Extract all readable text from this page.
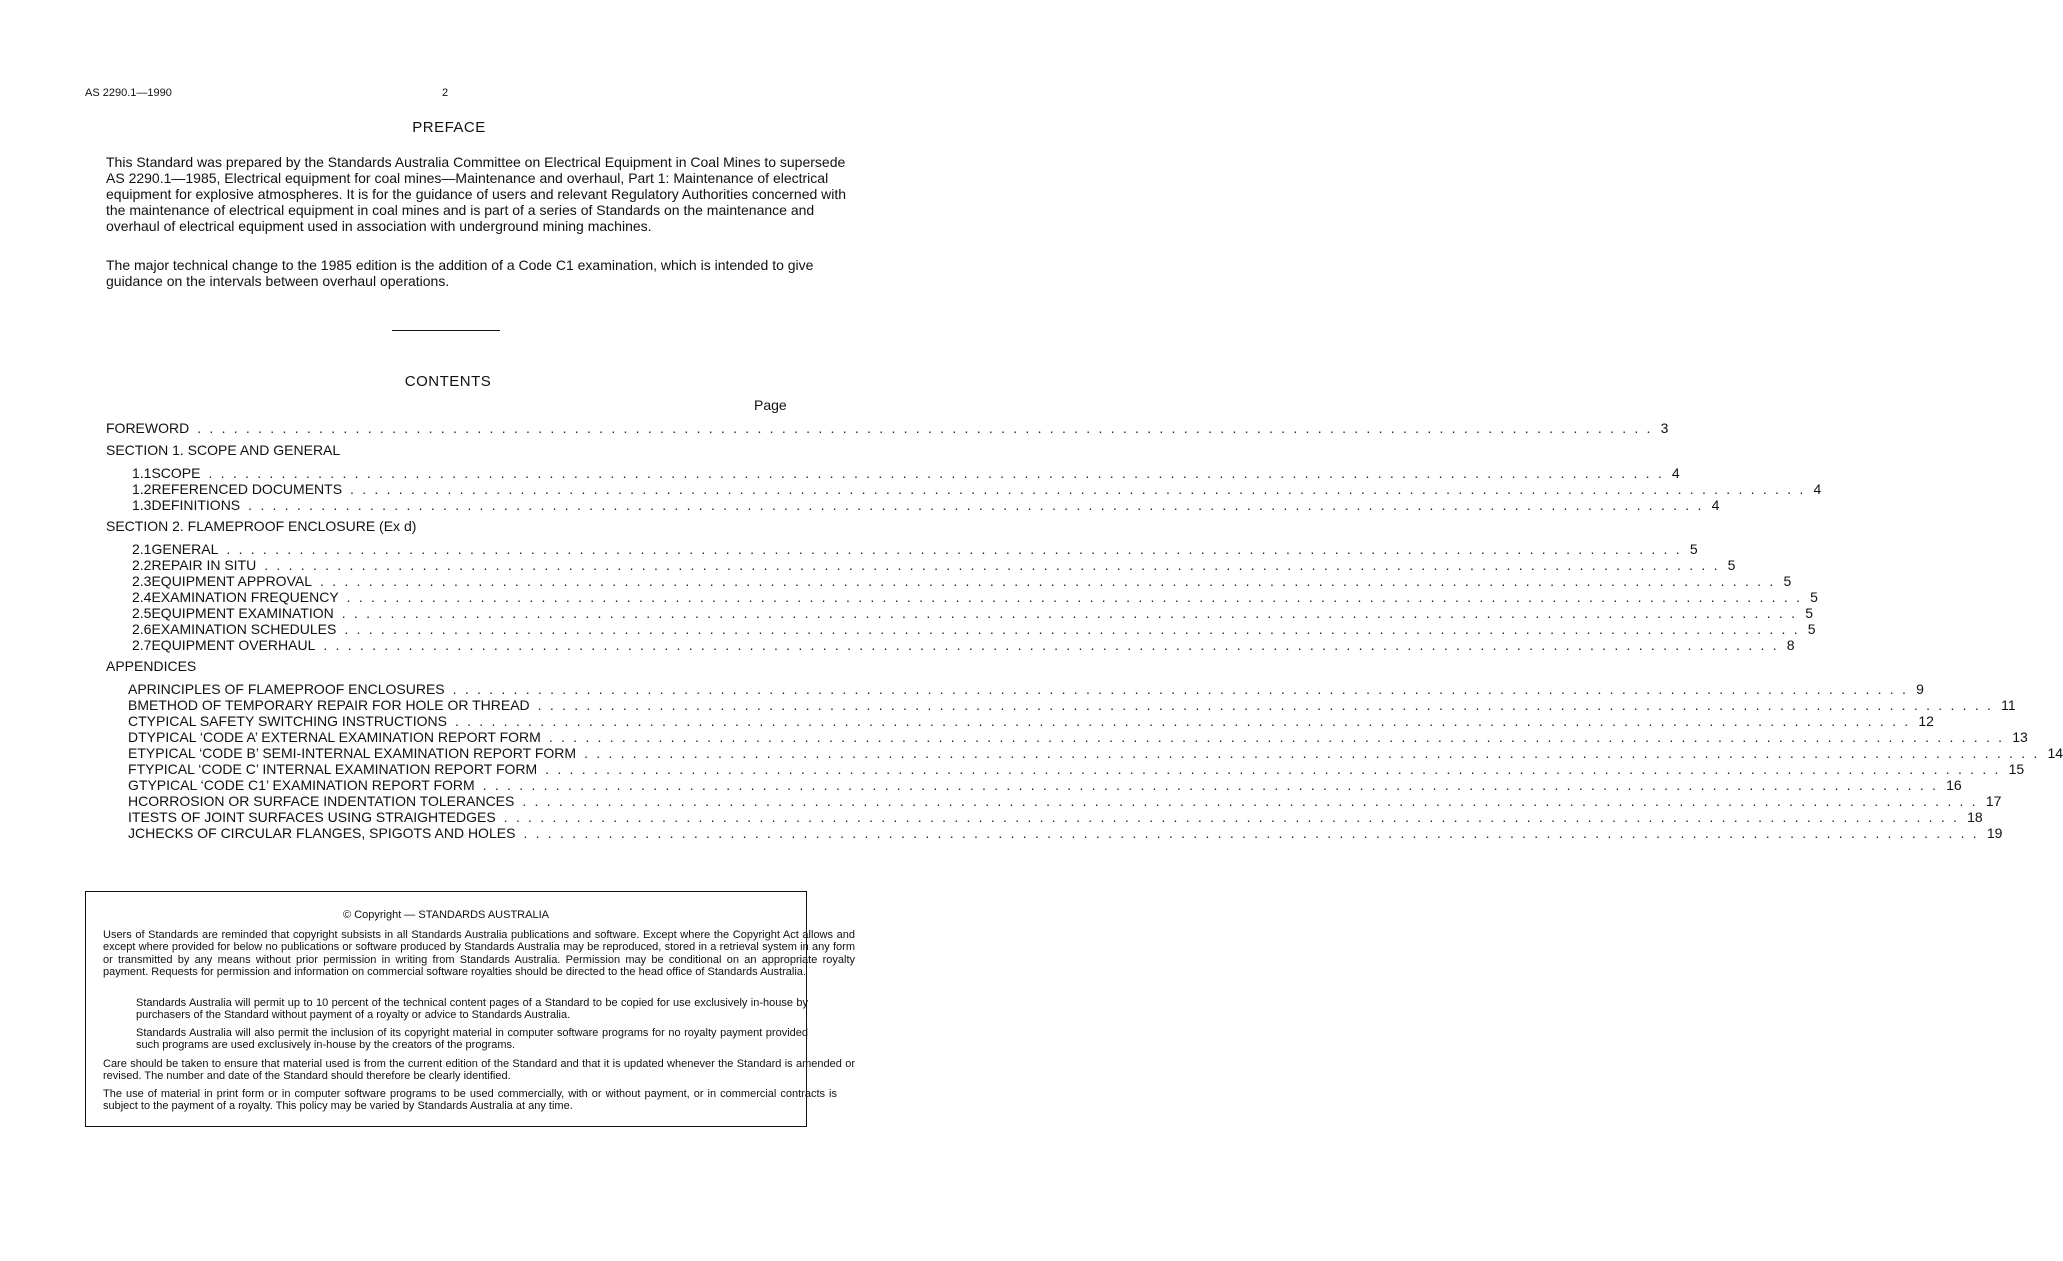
AS 2290.1—1990	2
PREFACE
This Standard was prepared by the Standards Australia Committee on Electrical Equipment in Coal Mines to supersede AS 2290.1—1985, Electrical equipment for coal mines—Maintenance and overhaul, Part 1: Maintenance of electrical equipment for explosive atmospheres. It is for the guidance of users and relevant Regulatory Authorities concerned with the maintenance of electrical equipment in coal mines and is part of a series of Standards on the maintenance and overhaul of electrical equipment used in association with underground mining machines.
The major technical change to the 1985 edition is the addition of a Code C1 examination, which is intended to give guidance on the intervals between overhaul operations.
CONTENTS
Page
FOREWORD . . . . . . . . . . . . . . . . . . . . . . . . . . . . . . . . . . . . . . . . . . . . . . . . . . . . . . . . . . . . . . . . . . . . . . . . . . . . . . . . . . . . . . . . . . . . . . . . . . . . . . . . . . . . . . . . . . . . . . . . 3
SECTION 1. SCOPE AND GENERAL
1.1 SCOPE . . . . . . . . . . . . . . . . . . . . . . . . . . . . . . . . . . . . . . . . . . . . . . . . . . . . . . . . . . . . . . . . . . . . . . . . . . . . . . . . . . . . . . . . . . . . . . . . . . . . . . . . . . . . . . . . . . . . . . . . 4
1.2 REFERENCED DOCUMENTS . . . . . . . . . . . . . . . . . . . . . . . . . . . . . . . . . . . . . . . . . . . . . . . . . . . . . . . . . . . . . . . . . . . . . . . . . . . . . . . . . . . . . . . . . . . . . . . . . . . . . . . . . . . . . . . . . . . . . . . . 4
1.3 DEFINITIONS . . . . . . . . . . . . . . . . . . . . . . . . . . . . . . . . . . . . . . . . . . . . . . . . . . . . . . . . . . . . . . . . . . . . . . . . . . . . . . . . . . . . . . . . . . . . . . . . . . . . . . . . . . . . . . . . . . . . . . . . 4
SECTION 2. FLAMEPROOF ENCLOSURE (Ex d)
2.1 GENERAL . . . . . . . . . . . . . . . . . . . . . . . . . . . . . . . . . . . . . . . . . . . . . . . . . . . . . . . . . . . . . . . . . . . . . . . . . . . . . . . . . . . . . . . . . . . . . . . . . . . . . . . . . . . . . . . . . . . . . . . . 5
2.2 REPAIR IN SITU . . . . . . . . . . . . . . . . . . . . . . . . . . . . . . . . . . . . . . . . . . . . . . . . . . . . . . . . . . . . . . . . . . . . . . . . . . . . . . . . . . . . . . . . . . . . . . . . . . . . . . . . . . . . . . . . . . . . . . . . 5
2.3 EQUIPMENT APPROVAL . . . . . . . . . . . . . . . . . . . . . . . . . . . . . . . . . . . . . . . . . . . . . . . . . . . . . . . . . . . . . . . . . . . . . . . . . . . . . . . . . . . . . . . . . . . . . . . . . . . . . . . . . . . . . . . . . . . . . . . . 5
2.4 EXAMINATION FREQUENCY . . . . . . . . . . . . . . . . . . . . . . . . . . . . . . . . . . . . . . . . . . . . . . . . . . . . . . . . . . . . . . . . . . . . . . . . . . . . . . . . . . . . . . . . . . . . . . . . . . . . . . . . . . . . . . . . . . . . . . . . 5
2.5 EQUIPMENT EXAMINATION . . . . . . . . . . . . . . . . . . . . . . . . . . . . . . . . . . . . . . . . . . . . . . . . . . . . . . . . . . . . . . . . . . . . . . . . . . . . . . . . . . . . . . . . . . . . . . . . . . . . . . . . . . . . . . . . . . . . . . . . 5
2.6 EXAMINATION SCHEDULES . . . . . . . . . . . . . . . . . . . . . . . . . . . . . . . . . . . . . . . . . . . . . . . . . . . . . . . . . . . . . . . . . . . . . . . . . . . . . . . . . . . . . . . . . . . . . . . . . . . . . . . . . . . . . . . . . . . . . . . . 5
2.7 EQUIPMENT OVERHAUL . . . . . . . . . . . . . . . . . . . . . . . . . . . . . . . . . . . . . . . . . . . . . . . . . . . . . . . . . . . . . . . . . . . . . . . . . . . . . . . . . . . . . . . . . . . . . . . . . . . . . . . . . . . . . . . . . . . . . . . . 8
APPENDICES
A PRINCIPLES OF FLAMEPROOF ENCLOSURES . . . . . . . . . . . . . . . . . . . . . . . . . . . . . . . . . . . . . . . . . . . . . . . . . . . . . . . . . . . . . . . . . . . . . . . . . . . . . . . . . . . . . . . . . . . . . . . . . . . . . . . . . . . . . . . . . . . . . . . . 9
B METHOD OF TEMPORARY REPAIR FOR HOLE OR THREAD . . . . . . . . . . . . . . . . . . . . . . . . . . . . . . . . . . . . . . . . . . . . . . . . . . . . . . . . . . . . . . . . . . . . . . . . . . . . . . . . . . . . . . . . . . . . . . . . . . . . . . . . . . . . . . . . . . . . . . . . 11
C TYPICAL SAFETY SWITCHING INSTRUCTIONS . . . . . . . . . . . . . . . . . . . . . . . . . . . . . . . . . . . . . . . . . . . . . . . . . . . . . . . . . . . . . . . . . . . . . . . . . . . . . . . . . . . . . . . . . . . . . . . . . . . . . . . . . . . . . . . . . . . . . . . . 12
D TYPICAL ‘CODE A’ EXTERNAL EXAMINATION REPORT FORM . . . . . . . . . . . . . . . . . . . . . . . . . . . . . . . . . . . . . . . . . . . . . . . . . . . . . . . . . . . . . . . . . . . . . . . . . . . . . . . . . . . . . . . . . . . . . . . . . . . . . . . . . . . . . . . . . . . . . . . . 13
E TYPICAL ‘CODE B’ SEMI-INTERNAL EXAMINATION REPORT FORM . . . . . . . . . . . . . . . . . . . . . . . . . . . . . . . . . . . . . . . . . . . . . . . . . . . . . . . . . . . . . . . . . . . . . . . . . . . . . . . . . . . . . . . . . . . . . . . . . . . . . . . . . . . . . . . . . . . . . . . . 14
F TYPICAL ‘CODE C’ INTERNAL EXAMINATION REPORT FORM . . . . . . . . . . . . . . . . . . . . . . . . . . . . . . . . . . . . . . . . . . . . . . . . . . . . . . . . . . . . . . . . . . . . . . . . . . . . . . . . . . . . . . . . . . . . . . . . . . . . . . . . . . . . . . . . . . . . . . . . 15
G TYPICAL ‘CODE C1’ EXAMINATION REPORT FORM . . . . . . . . . . . . . . . . . . . . . . . . . . . . . . . . . . . . . . . . . . . . . . . . . . . . . . . . . . . . . . . . . . . . . . . . . . . . . . . . . . . . . . . . . . . . . . . . . . . . . . . . . . . . . . . . . . . . . . . . 16
H CORROSION OR SURFACE INDENTATION TOLERANCES . . . . . . . . . . . . . . . . . . . . . . . . . . . . . . . . . . . . . . . . . . . . . . . . . . . . . . . . . . . . . . . . . . . . . . . . . . . . . . . . . . . . . . . . . . . . . . . . . . . . . . . . . . . . . . . . . . . . . . . . 17
I TESTS OF JOINT SURFACES USING STRAIGHTEDGES . . . . . . . . . . . . . . . . . . . . . . . . . . . . . . . . . . . . . . . . . . . . . . . . . . . . . . . . . . . . . . . . . . . . . . . . . . . . . . . . . . . . . . . . . . . . . . . . . . . . . . . . . . . . . . . . . . . . . . . . 18
J CHECKS OF CIRCULAR FLANGES, SPIGOTS AND HOLES . . . . . . . . . . . . . . . . . . . . . . . . . . . . . . . . . . . . . . . . . . . . . . . . . . . . . . . . . . . . . . . . . . . . . . . . . . . . . . . . . . . . . . . . . . . . . . . . . . . . . . . . . . . . . . . . . . . . . . . . 19
© Copyright — STANDARDS AUSTRALIA
Users of Standards are reminded that copyright subsists in all Standards Australia publications and software. Except where the Copyright Act allows and except where provided for below no publications or software produced by Standards Australia may be reproduced, stored in a retrieval system in any form or transmitted by any means without prior permission in writing from Standards Australia. Permission may be conditional on an appropriate royalty payment. Requests for permission and information on commercial software royalties should be directed to the head office of Standards Australia.
Standards Australia will permit up to 10 percent of the technical content pages of a Standard to be copied for use exclusively in-house by purchasers of the Standard without payment of a royalty or advice to Standards Australia.
Standards Australia will also permit the inclusion of its copyright material in computer software programs for no royalty payment provided such programs are used exclusively in-house by the creators of the programs.
Care should be taken to ensure that material used is from the current edition of the Standard and that it is updated whenever the Standard is amended or revised. The number and date of the Standard should therefore be clearly identified.
The use of material in print form or in computer software programs to be used commercially, with or without payment, or in commercial contracts is subject to the payment of a royalty. This policy may be varied by Standards Australia at any time.
